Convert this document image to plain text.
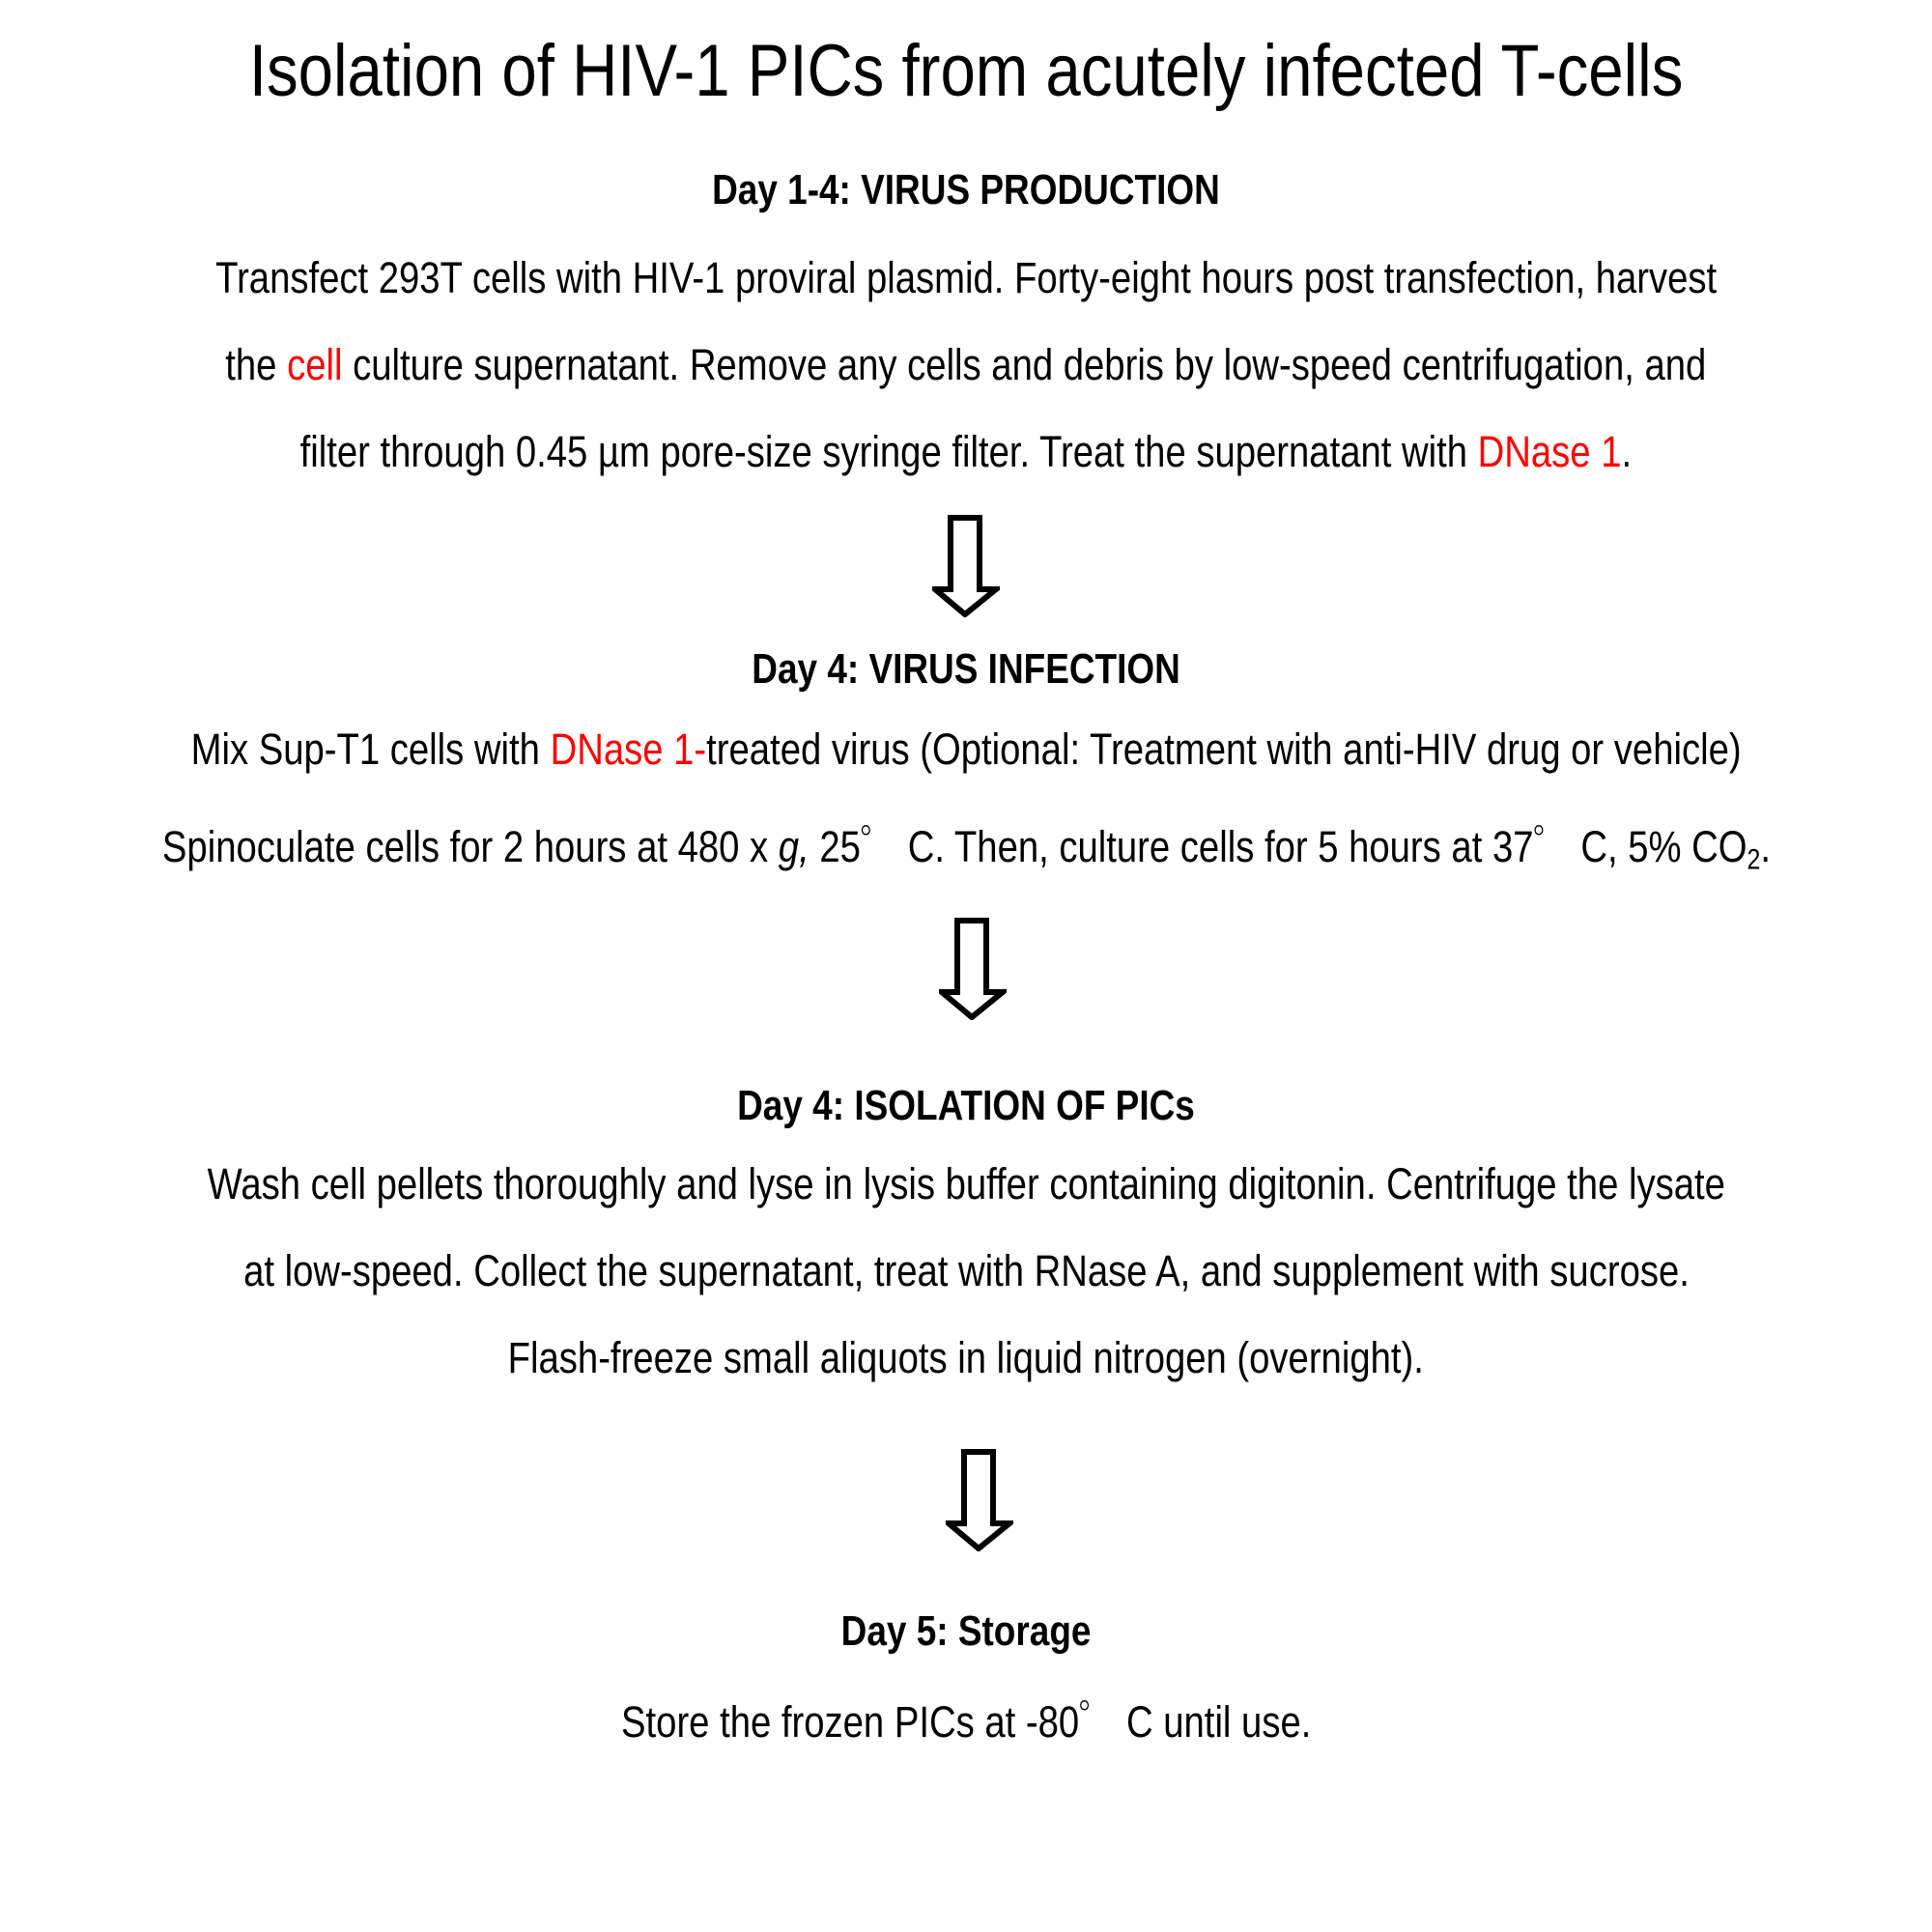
Isolation of HIV-1 PICs from acutely infected T-cells
Day 1-4: VIRUS PRODUCTION
Transfect 293T cells with HIV-1 proviral plasmid. Forty-eight hours post transfection, harvest
the cell culture supernatant. Remove any cells and debris by low-speed centrifugation, and
filter through 0.45 µm pore-size syringe filter. Treat the supernatant with DNase 1.
Day 4: VIRUS INFECTION
Mix Sup-T1 cells with DNase 1-treated virus (Optional: Treatment with anti-HIV drug or vehicle)
Spinoculate cells for 2 hours at 480 x g, 25゜ C. Then, culture cells for 5 hours at 37゜ C, 5% $CO_2$.
Day 4: ISOLATION OF PICs
Wash cell pellets thoroughly and lyse in lysis buffer containing digitonin. Centrifuge the lysate
at low-speed. Collect the supernatant, treat with RNase A, and supplement with sucrose.
Flash-freeze small aliquots in liquid nitrogen (overnight).
Day 5: Storage
Store the frozen PICs at -80゜ C until use.
